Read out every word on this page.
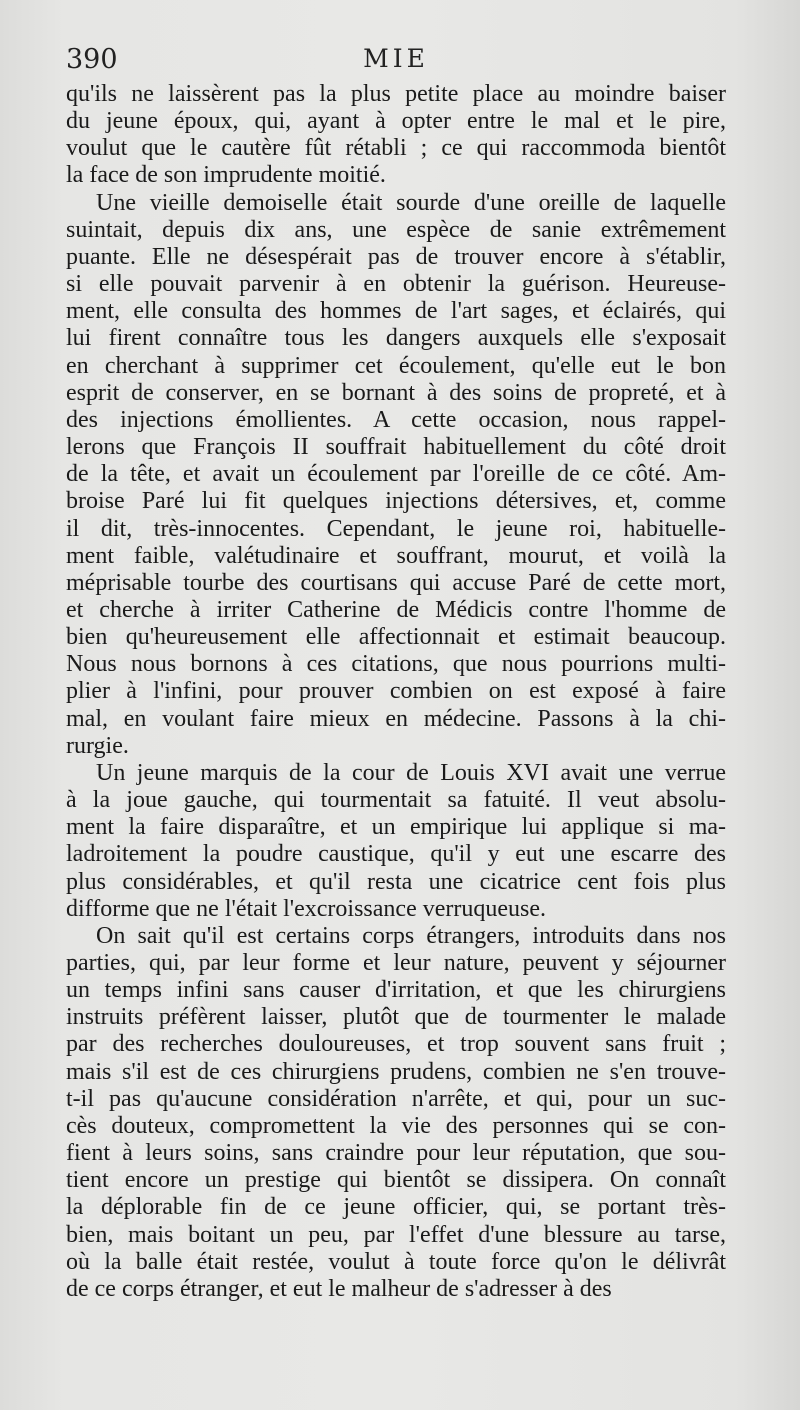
390	MIE
qu'ils ne laissèrent pas la plus petite place au moindre baiser
du jeune époux, qui, ayant à opter entre le mal et le pire,
voulut que le cautère fût rétabli ; ce qui raccommoda bientôt
la face de son imprudente moitié.
Une vieille demoiselle était sourde d'une oreille de laquelle
suintait, depuis dix ans, une espèce de sanie extrêmement
puante. Elle ne désespérait pas de trouver encore à s'établir,
si elle pouvait parvenir à en obtenir la guérison. Heureuse-
ment, elle consulta des hommes de l'art sages, et éclairés, qui
lui firent connaître tous les dangers auxquels elle s'exposait
en cherchant à supprimer cet écoulement, qu'elle eut le bon
esprit de conserver, en se bornant à des soins de propreté, et à
des injections émollientes. A cette occasion, nous rappel-
lerons que François II souffrait habituellement du côté droit
de la tête, et avait un écoulement par l'oreille de ce côté. Am-
broise Paré lui fit quelques injections détersives, et, comme
il dit, très-innocentes. Cependant, le jeune roi, habituelle-
ment faible, valétudinaire et souffrant, mourut, et voilà la
méprisable tourbe des courtisans qui accuse Paré de cette mort,
et cherche à irriter Catherine de Médicis contre l'homme de
bien qu'heureusement elle affectionnait et estimait beaucoup.
Nous nous bornons à ces citations, que nous pourrions multi-
plier à l'infini, pour prouver combien on est exposé à faire
mal, en voulant faire mieux en médecine. Passons à la chi-
rurgie.
Un jeune marquis de la cour de Louis XVI avait une verrue
à la joue gauche, qui tourmentait sa fatuité. Il veut absolu-
ment la faire disparaître, et un empirique lui applique si ma-
ladroitement la poudre caustique, qu'il y eut une escarre des
plus considérables, et qu'il resta une cicatrice cent fois plus
difforme que ne l'était l'excroissance verruqueuse.
On sait qu'il est certains corps étrangers, introduits dans nos
parties, qui, par leur forme et leur nature, peuvent y séjourner
un temps infini sans causer d'irritation, et que les chirurgiens
instruits préfèrent laisser, plutôt que de tourmenter le malade
par des recherches douloureuses, et trop souvent sans fruit ;
mais s'il est de ces chirurgiens prudens, combien ne s'en trouve-
t-il pas qu'aucune considération n'arrête, et qui, pour un suc-
cès douteux, compromettent la vie des personnes qui se con-
fient à leurs soins, sans craindre pour leur réputation, que sou-
tient encore un prestige qui bientôt se dissipera. On connaît
la déplorable fin de ce jeune officier, qui, se portant très-
bien, mais boitant un peu, par l'effet d'une blessure au tarse,
où la balle était restée, voulut à toute force qu'on le délivrât
de ce corps étranger, et eut le malheur de s'adresser à des
